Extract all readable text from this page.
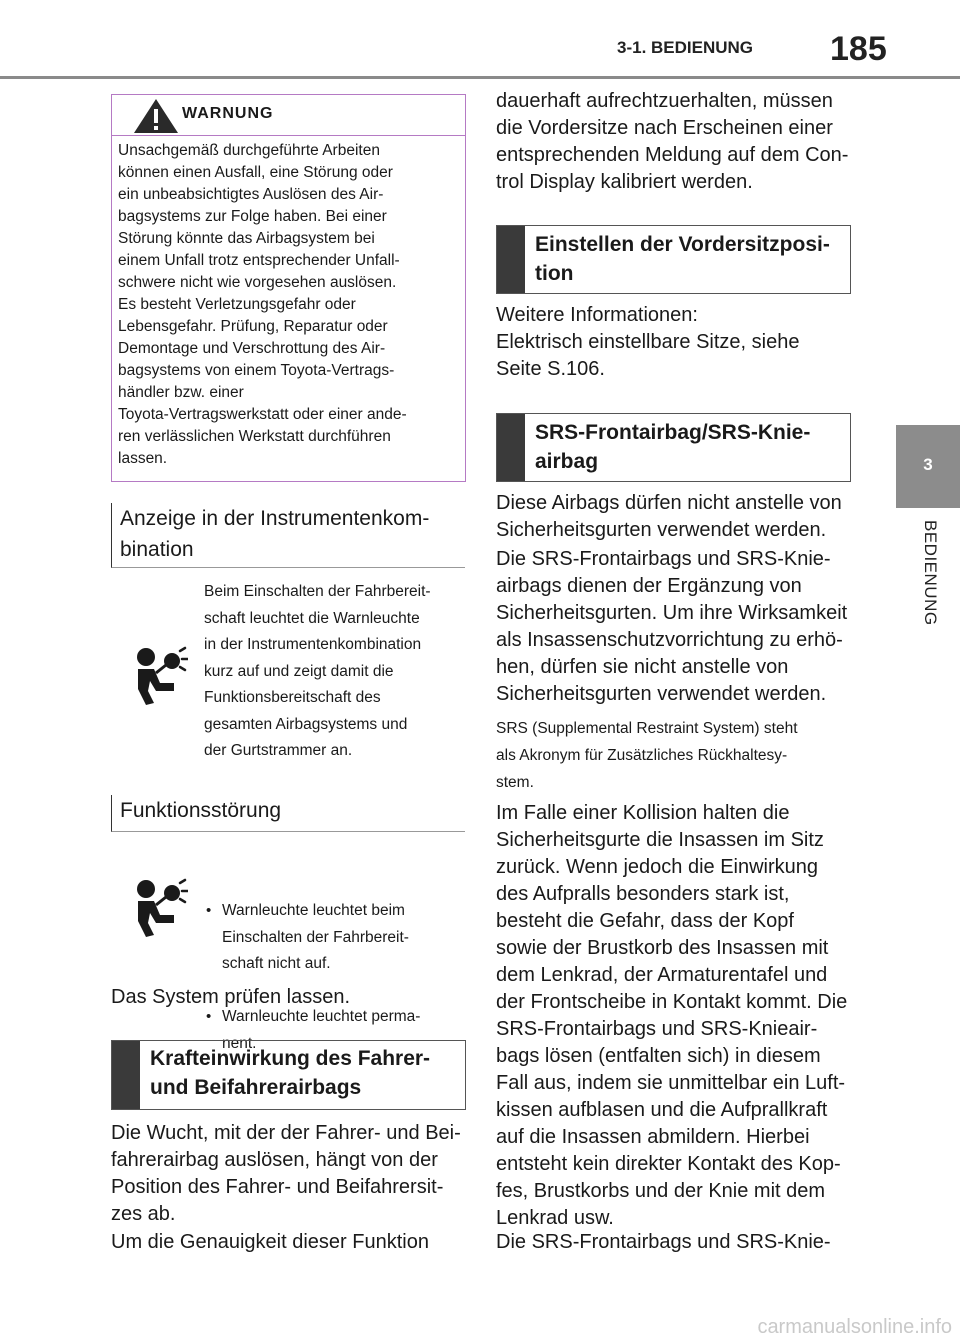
3-1. BEDIENUNG 185
3
BEDIENUNG
WARNUNG
Unsachgemäß durchgeführte Arbeiten
können einen Ausfall, eine Störung oder
ein unbeabsichtigtes Auslösen des Air-
bagsystems zur Folge haben. Bei einer
Störung könnte das Airbagsystem bei
einem Unfall trotz entsprechender Unfall-
schwere nicht wie vorgesehen auslösen.
Es besteht Verletzungsgefahr oder
Lebensgefahr. Prüfung, Reparatur oder
Demontage und Verschrottung des Air-
bagsystems von einem Toyota-Vertrags-
händler bzw. einer
Toyota-Vertragswerkstatt oder einer ande-
ren verlässlichen Werkstatt durchführen
lassen.
Anzeige in der Instrumentenkom-
bination
Beim Einschalten der Fahrbereit-
schaft leuchtet die Warnleuchte
in der Instrumentenkombination
kurz auf und zeigt damit die
Funktionsbereitschaft des
gesamten Airbagsystems und
der Gurtstrammer an.
Funktionsstörung

• Warnleuchte leuchtet beim
Einschalten der Fahrbereit-
schaft nicht auf.

• Warnleuchte leuchtet perma-
nent.

Das System prüfen lassen.
Krafteinwirkung des Fahrer-
und Beifahrerairbags
Die Wucht, mit der der Fahrer- und Bei-
fahrerairbag auslösen, hängt von der
Position des Fahrer- und Beifahrersit-
zes ab.
Um die Genauigkeit dieser Funktion
dauerhaft aufrechtzuerhalten, müssen
die Vordersitze nach Erscheinen einer
entsprechenden Meldung auf dem Con-
trol Display kalibriert werden.
Einstellen der Vordersitzposi-
tion
Weitere Informationen:
Elektrisch einstellbare Sitze, siehe
Seite S.106.
SRS-Frontairbag/SRS-Knie-
airbag
Diese Airbags dürfen nicht anstelle von
Sicherheitsgurten verwendet werden.
Die SRS-Frontairbags und SRS-Knie-
airbags dienen der Ergänzung von
Sicherheitsgurten. Um ihre Wirksamkeit
als Insassenschutzvorrichtung zu erhö-
hen, dürfen sie nicht anstelle von
Sicherheitsgurten verwendet werden.
SRS (Supplemental Restraint System) steht
als Akronym für Zusätzliches Rückhaltesy-
stem.
Im Falle einer Kollision halten die
Sicherheitsgurte die Insassen im Sitz
zurück. Wenn jedoch die Einwirkung
des Aufpralls besonders stark ist,
besteht die Gefahr, dass der Kopf
sowie der Brustkorb des Insassen mit
dem Lenkrad, der Armaturentafel und
der Frontscheibe in Kontakt kommt. Die
SRS-Frontairbags und SRS-Knieair-
bags lösen (entfalten sich) in diesem
Fall aus, indem sie unmittelbar ein Luft-
kissen aufblasen und die Aufprallkraft
auf die Insassen abmildern. Hierbei
entsteht kein direkter Kontakt des Kop-
fes, Brustkorbs und der Knie mit dem
Lenkrad usw.
Die SRS-Frontairbags und SRS-Knie-
carmanualsonline.info
